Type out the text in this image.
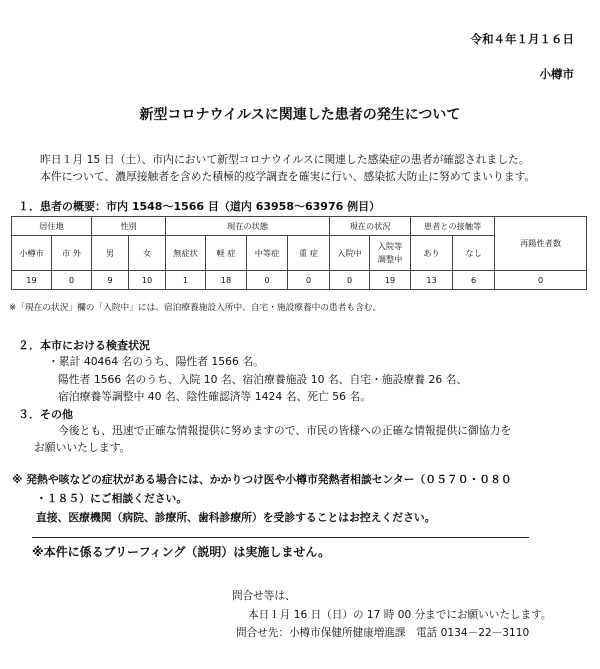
令和４年１月１６日
小樽市
新型コロナウイルスに関連した患者の発生について
昨日１月 15 日（土）、市内において新型コロナウイルスに関連した感染症の患者が確認されました。
本件について、濃厚接触者を含めた積極的疫学調査を確実に行い、感染拡大防止に努めてまいります。
１．患者の概要：市内 1548～1566 目（道内 63958～63976 例目）
居住地		性別		現在の状態				現在の状況		患者との接触等		再陽性者数
小樽市	市 外	男	女	無症状	軽 症	中等症	重 症	入院中	入院等調整中	あり	なし	
19	0	9	10	1	18	0	0	0	19	13	6	0
※「現在の状況」欄の「入院中」には、宿泊療養施設入所中、自宅・施設療養中の患者も含む。
２．本市における検査状況
・累計 40464 名のうち、陽性者 1566 名。
陽性者 1566 名のうち、入院 10 名、宿泊療養施設 10 名、自宅・施設療養 26 名、
宿泊療養等調整中 40 名、陰性確認済等 1424 名、死亡 56 名。
３．その他
今後とも、迅速で正確な情報提供に努めますので、市民の皆様への正確な情報提供に御協力を
お願いいたします。
※ 発熱や咳などの症状がある場合には、かかりつけ医や小樽市発熱者相談センター（０５７０・０８０
・１８５）にご相談ください。
直接、医療機関（病院、診療所、歯科診療所）を受診することはお控えください。
※本件に係るブリーフィング（説明）は実施しません。
問合せ等は、
本日１月 16 日（日）の 17 時 00 分までにお願いいたします。
問合せ先：小樽市保健所健康増進課　電話 0134－22－3110
